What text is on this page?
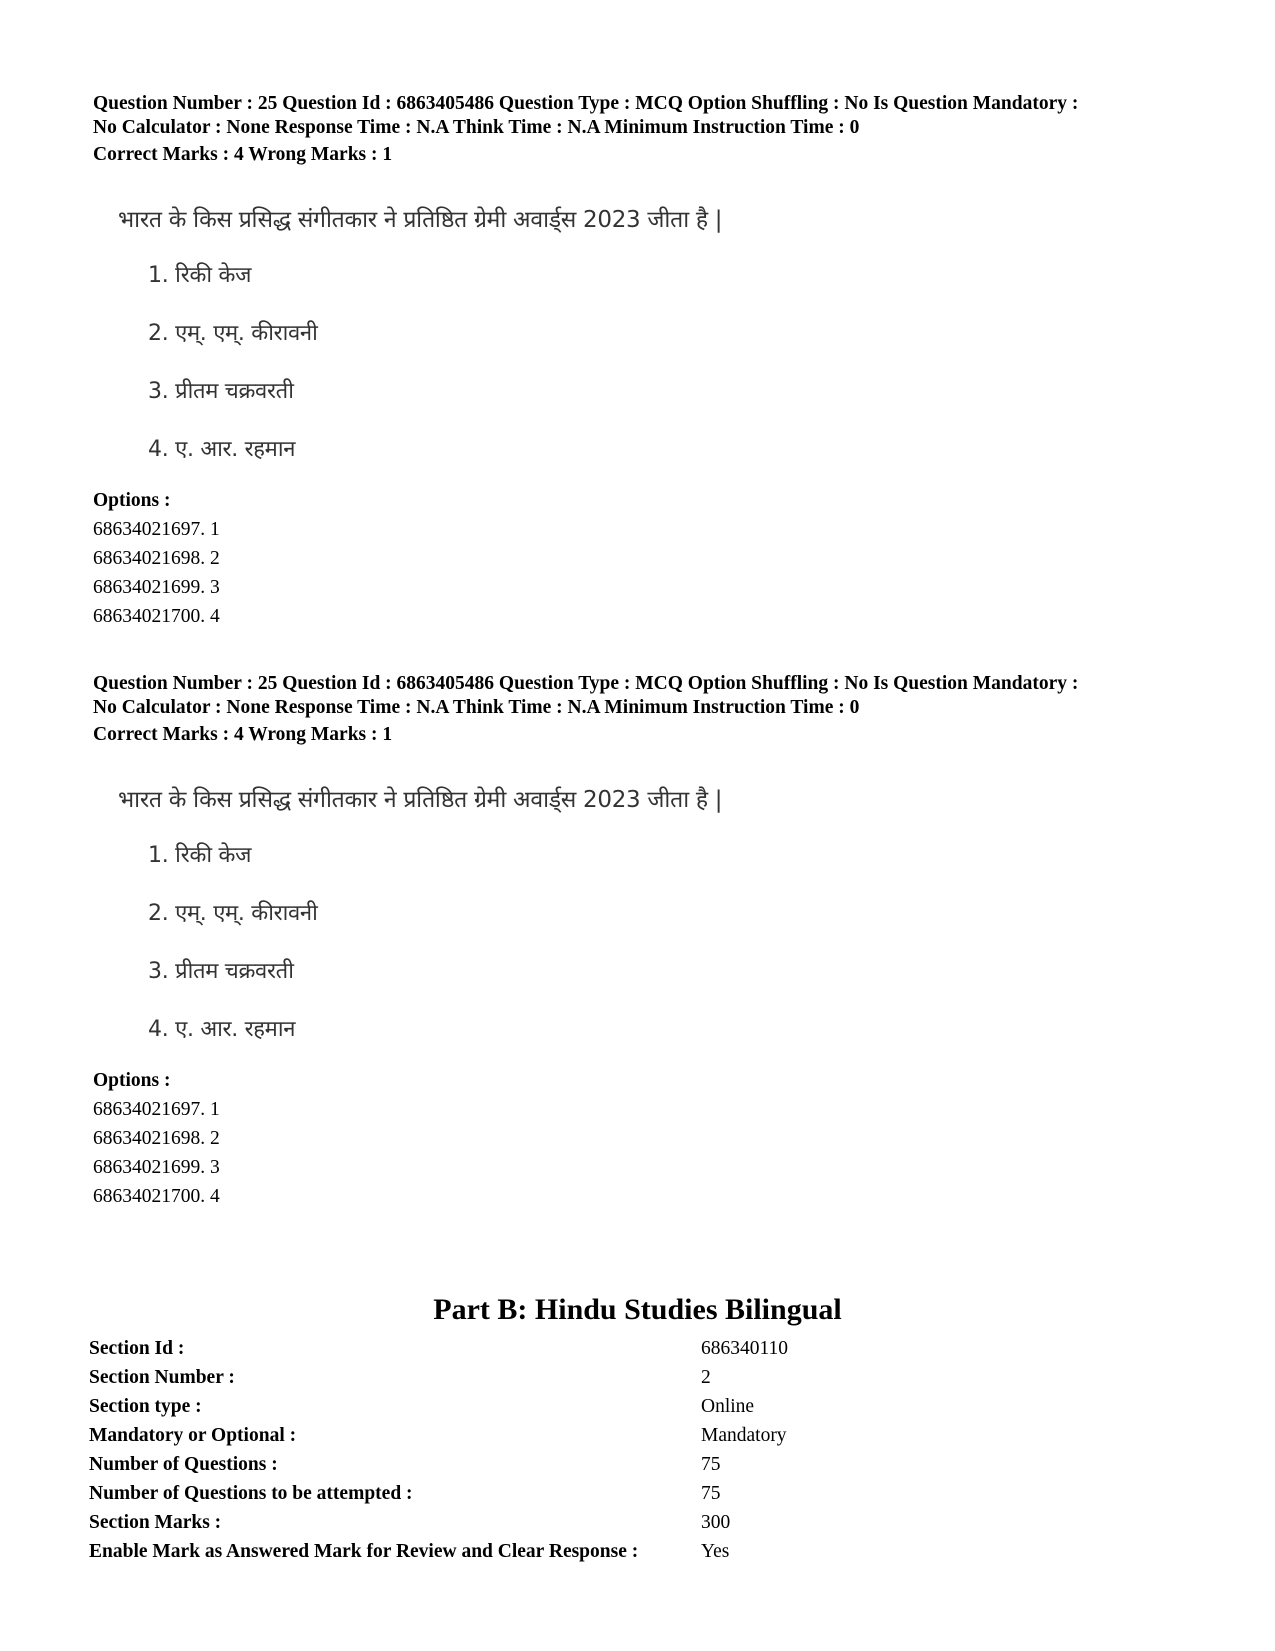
Question Number : 25 Question Id : 6863405486 Question Type : MCQ Option Shuffling : No Is Question Mandatory :

No Calculator : None Response Time : N.A Think Time : N.A Minimum Instruction Time : 0

Correct Marks : 4 Wrong Marks : 1

भारत के किस प्रसिद्ध संगीतकार ने प्रतिष्ठित ग्रेमी अवार्ड्स 2023 जीता है |
1. रिकी केज
2. एम्. एम्. कीरावनी
3. प्रीतम चक्रवरती
4. ए. आर. रहमान
Options :
68634021697. 1
68634021698. 2
68634021699. 3
68634021700. 4

Question Number : 25 Question Id : 6863405486 Question Type : MCQ Option Shuffling : No Is Question Mandatory :

No Calculator : None Response Time : N.A Think Time : N.A Minimum Instruction Time : 0

Correct Marks : 4 Wrong Marks : 1

भारत के किस प्रसिद्ध संगीतकार ने प्रतिष्ठित ग्रेमी अवार्ड्स 2023 जीता है |
1. रिकी केज
2. एम्. एम्. कीरावनी
3. प्रीतम चक्रवरती
4. ए. आर. रहमान
Options :
68634021697. 1
68634021698. 2
68634021699. 3
68634021700. 4
Part B: Hindu Studies Bilingual
Section Id :	686340110
Section Number :	2
Section type :	Online
Mandatory or Optional :	Mandatory
Number of Questions :	75
Number of Questions to be attempted :	75
Section Marks :	300
Enable Mark as Answered Mark for Review and Clear Response :	Yes
